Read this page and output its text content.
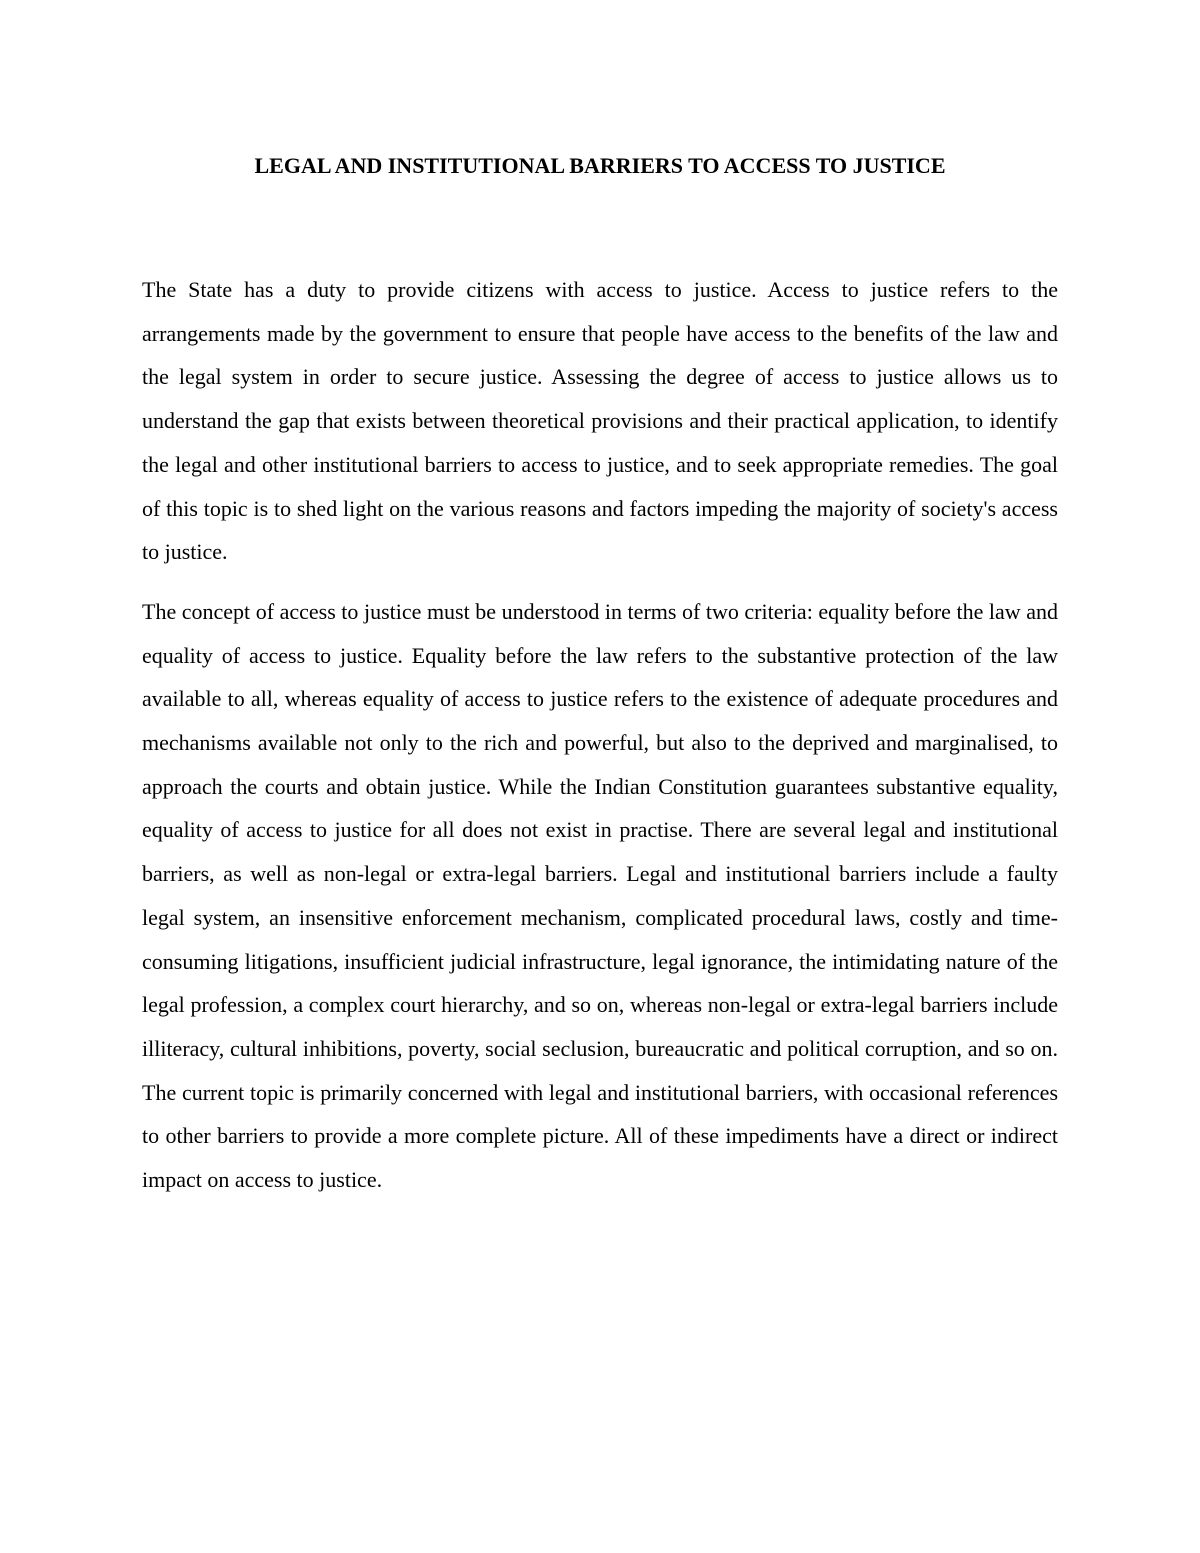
LEGAL AND INSTITUTIONAL BARRIERS TO ACCESS TO JUSTICE

The State has a duty to provide citizens with access to justice. Access to justice refers to the arrangements made by the government to ensure that people have access to the benefits of the law and the legal system in order to secure justice. Assessing the degree of access to justice allows us to understand the gap that exists between theoretical provisions and their practical application, to identify the legal and other institutional barriers to access to justice, and to seek appropriate remedies. The goal of this topic is to shed light on the various reasons and factors impeding the majority of society's access to justice.

The concept of access to justice must be understood in terms of two criteria: equality before the law and equality of access to justice. Equality before the law refers to the substantive protection of the law available to all, whereas equality of access to justice refers to the existence of adequate procedures and mechanisms available not only to the rich and powerful, but also to the deprived and marginalised, to approach the courts and obtain justice. While the Indian Constitution guarantees substantive equality, equality of access to justice for all does not exist in practise. There are several legal and institutional barriers, as well as non-legal or extra-legal barriers. Legal and institutional barriers include a faulty legal system, an insensitive enforcement mechanism, complicated procedural laws, costly and time-consuming litigations, insufficient judicial infrastructure, legal ignorance, the intimidating nature of the legal profession, a complex court hierarchy, and so on, whereas non-legal or extra-legal barriers include illiteracy, cultural inhibitions, poverty, social seclusion, bureaucratic and political corruption, and so on. The current topic is primarily concerned with legal and institutional barriers, with occasional references to other barriers to provide a more complete picture. All of these impediments have a direct or indirect impact on access to justice.
